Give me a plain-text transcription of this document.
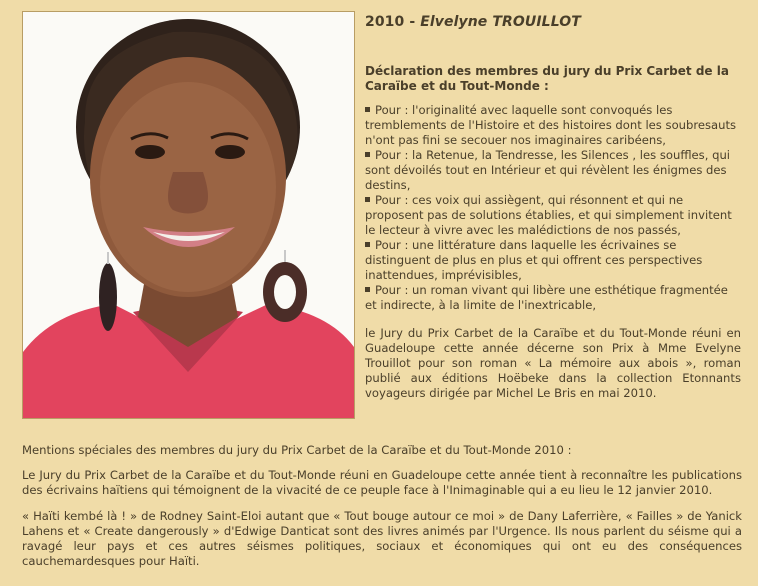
2010 - Elvelyne TROUILLOT
Déclaration des membres du jury du Prix Carbet de la Caraïbe et du Tout-Monde :
Pour : l'originalité avec laquelle sont convoqués les tremblements de l'Histoire et des histoires dont les soubresauts n'ont pas fini se secouer nos imaginaires caribéens,
Pour : la Retenue, la Tendresse, les Silences , les souffles, qui sont dévoilés tout en Intérieur et qui révèlent les énigmes des destins,
Pour : ces voix qui assiègent, qui résonnent et qui ne proposent pas de solutions établies, et qui simplement invitent le lecteur à vivre avec les malédictions de nos passés,
Pour : une littérature dans laquelle les écrivaines se distinguent de plus en plus et qui offrent ces perspectives inattendues, imprévisibles,
Pour : un roman vivant qui libère une esthétique fragmentée et indirecte, à la limite de l'inextricable,

le Jury du Prix Carbet de la Caraïbe et du Tout-Monde réuni en Guadeloupe cette année décerne son Prix à Mme Evelyne Trouillot pour son roman « La mémoire aux abois », roman publié aux éditions Hoëbeke dans la collection Etonnants voyageurs dirigée par Michel Le Bris en mai 2010.

Mentions spéciales des membres du jury du Prix Carbet de la Caraïbe et du Tout-Monde 2010 :

Le Jury du Prix Carbet de la Caraïbe et du Tout-Monde réuni en Guadeloupe cette année tient à reconnaître les publications des écrivains haïtiens qui témoignent de la vivacité de ce peuple face à l'Inimaginable qui a eu lieu le 12 janvier 2010.

« Haïti kembé là ! » de Rodney Saint-Eloi autant que « Tout bouge autour ce moi » de Dany Laferrière, « Failles » de Yanick Lahens et « Create dangerously » d'Edwige Danticat sont des livres animés par l'Urgence. Ils nous parlent du séisme qui a ravagé leur pays et ces autres séismes politiques, sociaux et économiques qui ont eu des conséquences cauchemardesques pour Haïti.
